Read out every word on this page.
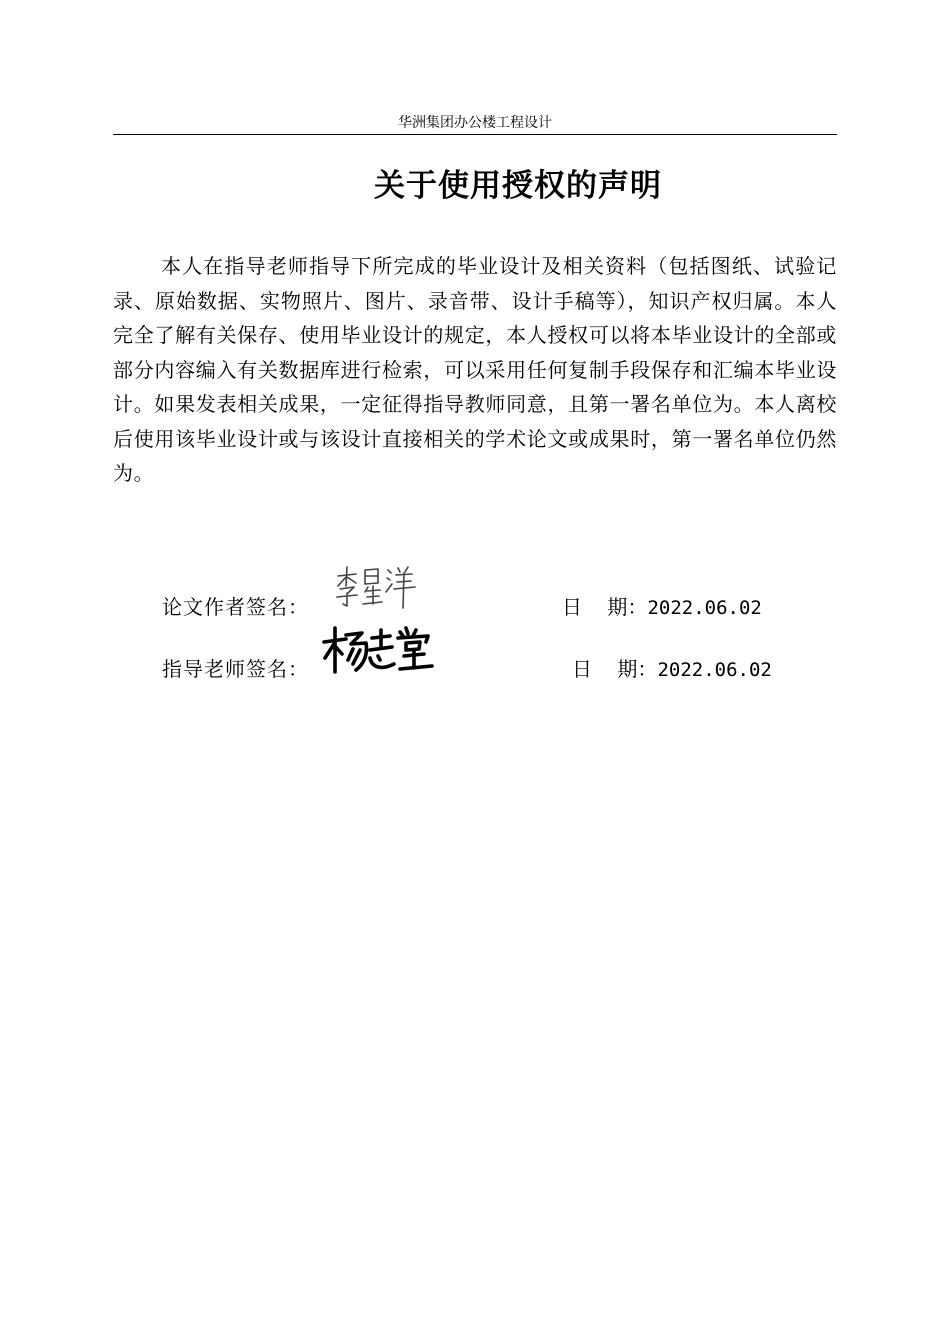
华洲集团办公楼工程设计
关于使用授权的声明

本人在指导老师指导下所完成的毕业设计及相关资料（包括图纸、试验记录、原始数据、实物照片、图片、录音带、设计手稿等），知识产权归属。本人完全了解有关保存、使用毕业设计的规定，本人授权可以将本毕业设计的全部或部分内容编入有关数据库进行检索，可以采用任何复制手段保存和汇编本毕业设计。如果发表相关成果，一定征得指导教师同意，且第一署名单位为。本人离校后使用该毕业设计或与该设计直接相关的学术论文或成果时，第一署名单位仍然为。

论文作者签名：	日    期：2022.06.02
指导老师签名：	日    期：2022.06.02
